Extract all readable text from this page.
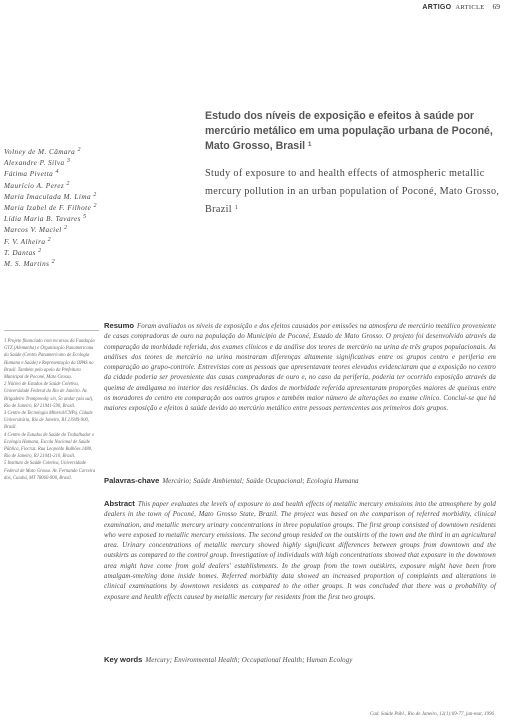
ARTIGO ARTICLE 69
Estudo dos níveis de exposição e efeitos à saúde por mercúrio metálico em uma população urbana de Poconé, Mato Grosso, Brasil $^1$
Study of exposure to and health effects of atmospheric metallic mercury pollution in an urban population of Poconé, Mato Grosso, Brazil $^1$
Volney de M. Câmara $^2$
Alexandre P. Silva $^3$
Fátima Pivetta $^4$
Maurício A. Perez $^2$
Maria Imaculada M. Lima $^2$
Maria Izabel de F. Filhote $^2$
Lídia Maria B. Tavares $^5$
Marcos V. Maciel $^2$
F. V. Alheira $^2$
T. Dantas $^2$
M. S. Martins $^2$
1 Projeto financiado com recursos da Fundação GTZ (Alemanha) e Organização Panamericana da Saúde (Centro Panamericano de Ecologia Humana e Saúde) e Representação da OPAS no Brasil. Também pelo apoio da Prefeitura Municipal de Poconé, Mato Grosso.
2 Núcleo de Estudos de Saúde Coletiva, Universidade Federal do Rio de Janeiro. Av. Brigadeiro Trompowsky s/n, 5o andar (ala sul), Rio de Janeiro, RJ 21941-590, Brasil.
3 Centro de Tecnologia Mineral/CNPq. Cidade Universitária, Rio de Janeiro, RJ 21949-900, Brasil.
4 Centro de Estudos de Saúde do Trabalhador e Ecologia Humana, Escola Nacional de Saúde Pública, Fiocruz. Rua Leopoldo Bulhões 1480, Rio de Janeiro, RJ 21041-210, Brasil.
5 Instituto de Saúde Coletiva, Universidade Federal de Mato Grosso. Av. Fernando Correira dos, Cuiabá, MT 78060-900, Brasil.
Resumo Foram avaliados os níveis de exposição e dos efeitos causados por emissões na atmosfera de mercúrio metálico proveniente de casas compradoras de ouro na população do Município de Poconé, Estado de Mato Grosso. O projeto foi desenvolvido através da comparação da morbidade referida, dos exames clínicos e da análise dos teores de mercúrio na urina de três grupos populacionais. As análises dos teores de mercúrio na urina mostraram diferenças altamente significativas entre os grupos centro e periferia em comparação ao grupo-controle. Entrevistas com as pessoas que apresentavam teores elevados evidenciaram que a exposição no centro da cidade poderia ser proveniente das casas compradoras de ouro e, no caso da periferia, poderia ter ocorrido exposição através da queima de amálgama no interior das residências. Os dados de morbidade referida apresentaram proporções maiores de queixas entre os moradores do centro em comparação aos outros grupos e também maior número de alterações no exame clínico. Conclui-se que há maiores exposição e efeitos à saúde devido ao mercúrio metálico entre pessoas pertencentes aos primeiros dois grupos.
Palavras-chave Mercúrio; Saúde Ambiental; Saúde Ocupacional; Ecologia Humana
Abstract This paper evaluates the levels of exposure to and health effects of metallic mercury emissions into the atmosphere by gold dealers in the town of Poconé, Mato Grosso State, Brazil. The project was based on the comparison of referred morbidity, clinical examination, and metallic mercury urinary concentrations in three population groups. The first group consisted of downtown residents who were exposed to metallic mercury emissions. The second group resided on the outskirts of the town and the third in an agricultural area. Urinary concentrations of metallic mercury showed highly significant differences between groups from downtown and the outskirts as compared to the control group. Investigation of individuals with high concentrations showed that exposure in the downtown area might have come from gold dealers' establishments. In the group from the town outskirts, exposure might have been from amalgam-smelting done inside homes. Referred morbidity data showed an increased proportion of complaints and alterations in clinical examinations by downtown residents as compared to the other groups. It was concluded that there was a probability of exposure and health effects caused by metallic mercury for residents from the first two groups.
Key words Mercury; Environmental Health; Occupational Health; Human Ecology
Cad. Saúde Públ., Rio de Janeiro, 12(1):69-77, jan-mar, 1996
